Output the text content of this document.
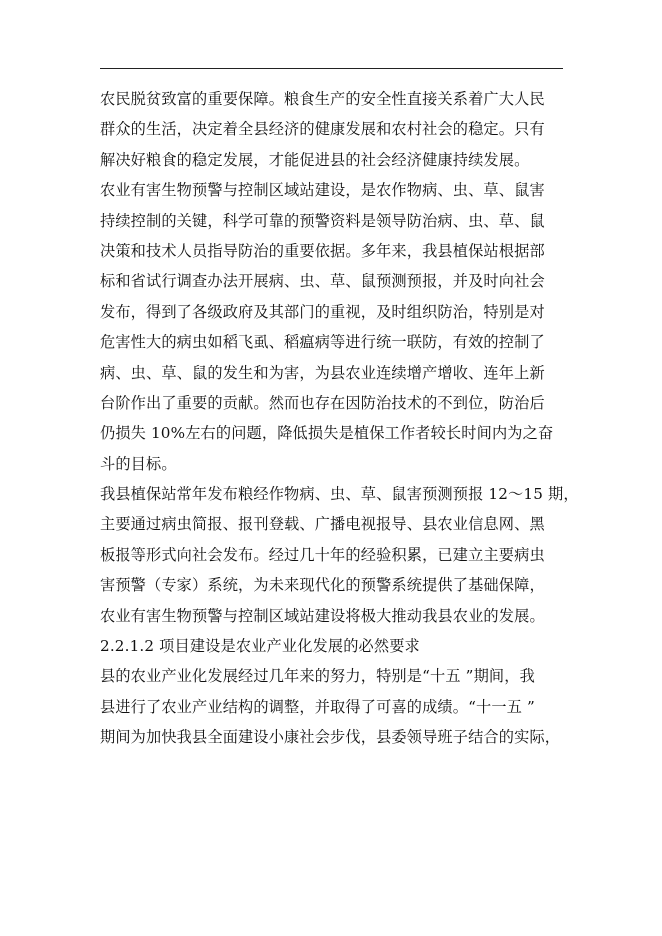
农民脱贫致富的重要保障。粮食生产的安全性直接关系着广大人民
群众的生活，决定着全县经济的健康发展和农村社会的稳定。只有
解决好粮食的稳定发展，才能促进县的社会经济健康持续发展。
农业有害生物预警与控制区域站建设，是农作物病、虫、草、鼠害
持续控制的关键，科学可靠的预警资料是领导防治病、虫、草、鼠
决策和技术人员指导防治的重要依据。多年来，我县植保站根据部
标和省试行调查办法开展病、虫、草、鼠预测预报，并及时向社会
发布，得到了各级政府及其部门的重视，及时组织防治，特别是对
危害性大的病虫如稻飞虱、稻瘟病等进行统一联防，有效的控制了
病、虫、草、鼠的发生和为害，为县农业连续增产增收、连年上新
台阶作出了重要的贡献。然而也存在因防治技术的不到位，防治后
仍损失 10%左右的问题，降低损失是植保工作者较长时间内为之奋
斗的目标。
我县植保站常年发布粮经作物病、虫、草、鼠害预测预报 12～15 期，
主要通过病虫简报、报刊登载、广播电视报导、县农业信息网、黑
板报等形式向社会发布。经过几十年的经验积累，已建立主要病虫
害预警（专家）系统，为未来现代化的预警系统提供了基础保障，
农业有害生物预警与控制区域站建设将极大推动我县农业的发展。
2.2.1.2 项目建设是农业产业化发展的必然要求
县的农业产业化发展经过几年来的努力，特别是“十五 ”期间，我
县进行了农业产业结构的调整，并取得了可喜的成绩。“十一五 ”
期间为加快我县全面建设小康社会步伐，县委领导班子结合的实际，
